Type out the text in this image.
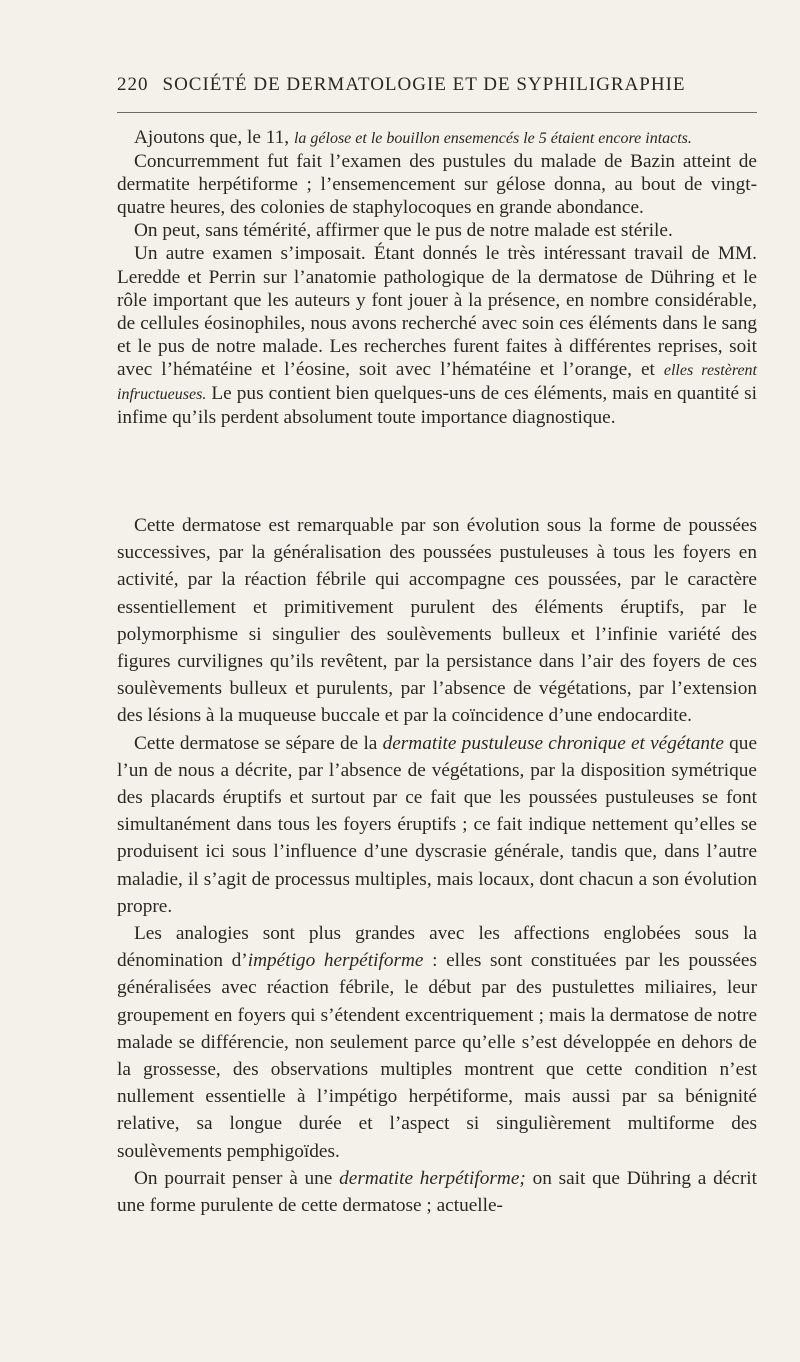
220 SOCIÉTÉ DE DERMATOLOGIE ET DE SYPHILIGRAPHIE

Ajoutons que, le 11, la gélose et le bouillon ensemencés le 5 étaient encore intacts.

Concurremment fut fait l’examen des pustules du malade de Bazin atteint de dermatite herpétiforme ; l’ensemencement sur gélose donna, au bout de vingt-quatre heures, des colonies de staphylocoques en grande abondance.

On peut, sans témérité, affirmer que le pus de notre malade est stérile.

Un autre examen s’imposait. Étant donnés le très intéressant travail de MM. Leredde et Perrin sur l’anatomie pathologique de la dermatose de Dühring et le rôle important que les auteurs y font jouer à la présence, en nombre considérable, de cellules éosinophiles, nous avons recherché avec soin ces éléments dans le sang et le pus de notre malade. Les recherches furent faites à différentes reprises, soit avec l’hématéine et l’éosine, soit avec l’hématéine et l’orange, et elles restèrent infructueuses. Le pus contient bien quelques-uns de ces éléments, mais en quantité si infime qu’ils perdent absolument toute importance diagnostique.

Cette dermatose est remarquable par son évolution sous la forme de poussées successives, par la généralisation des poussées pustuleuses à tous les foyers en activité, par la réaction fébrile qui accompagne ces poussées, par le caractère essentiellement et primitivement purulent des éléments éruptifs, par le polymorphisme si singulier des soulèvements bulleux et l’infinie variété des figures curvilignes qu’ils revêtent, par la persistance dans l’air des foyers de ces soulèvements bulleux et purulents, par l’absence de végétations, par l’extension des lésions à la muqueuse buccale et par la coïncidence d’une endocardite.

Cette dermatose se sépare de la dermatite pustuleuse chronique et végétante que l’un de nous a décrite, par l’absence de végétations, par la disposition symétrique des placards éruptifs et surtout par ce fait que les poussées pustuleuses se font simultanément dans tous les foyers éruptifs ; ce fait indique nettement qu’elles se produisent ici sous l’influence d’une dyscrasie générale, tandis que, dans l’autre maladie, il s’agit de processus multiples, mais locaux, dont chacun a son évolution propre.

Les analogies sont plus grandes avec les affections englobées sous la dénomination d’impétigo herpétiforme : elles sont constituées par les poussées généralisées avec réaction fébrile, le début par des pustulettes miliaires, leur groupement en foyers qui s’étendent excentriquement ; mais la dermatose de notre malade se différencie, non seulement parce qu’elle s’est développée en dehors de la grossesse, des observations multiples montrent que cette condition n’est nullement essentielle à l’impétigo herpétiforme, mais aussi par sa bénignité relative, sa longue durée et l’aspect si singulièrement multiforme des soulèvements pemphigoïdes.

On pourrait penser à une dermatite herpétiforme; on sait que Dühring a décrit une forme purulente de cette dermatose ; actuelle-
